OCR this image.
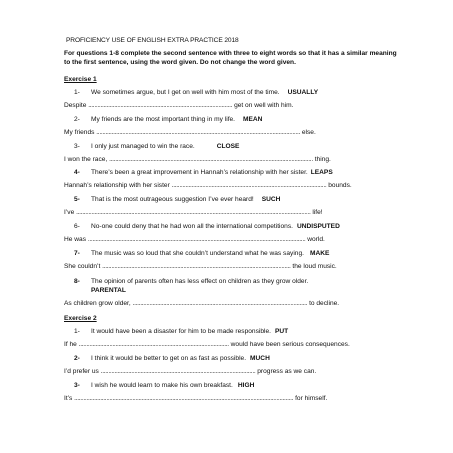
PROFICIENCY USE OF ENGLISH EXTRA PRACTICE 2018
For questions 1-8 complete the second sentence with three to eight words so that it has a similar meaning to the first sentence, using the word given. Do not change the word given.
Exercise 1
1- We sometimes argue, but I get on well with him most of the time. USUALLY
Despite .............................................................................................. get on well with him.
2- My friends are the most important thing in my life. MEAN
My friends ..................................................................................................................................... else.
3- I only just managed to win the race.	CLOSE
I won the race, ..................................................................................................................................... thing.
4- There’s been a great improvement in Hannah’s relationship with her sister. LEAPS
Hannah’s relationship with her sister ..................................................................................................... bounds.
5- That is the most outrageous suggestion I’ve ever heard! SUCH
I’ve ......................................................................................................................................................... life!
6- No-one could deny that he had won all the international competitions. UNDISPUTED
He was .............................................................................................................................................. world.
7- The music was so loud that she couldn’t understand what he was saying. MAKE
She couldn’t ........................................................................................................................... the loud music.
8- The opinion of parents often has less effect on children as they grow older.
PARENTAL
As children grow older, .................................................................................................................. to decline.
Exercise 2
1- It would have been a disaster for him to be made responsible. PUT
If he .................................................................................................. would have been serious consequences.
2- I think it would be better to get on as fast as possible. MUCH
I’d prefer us ..................................................................................................... progress as we can.
3- I wish he would learn to make his own breakfast. HIGH
It’s ............................................................................................................................................... for himself.
